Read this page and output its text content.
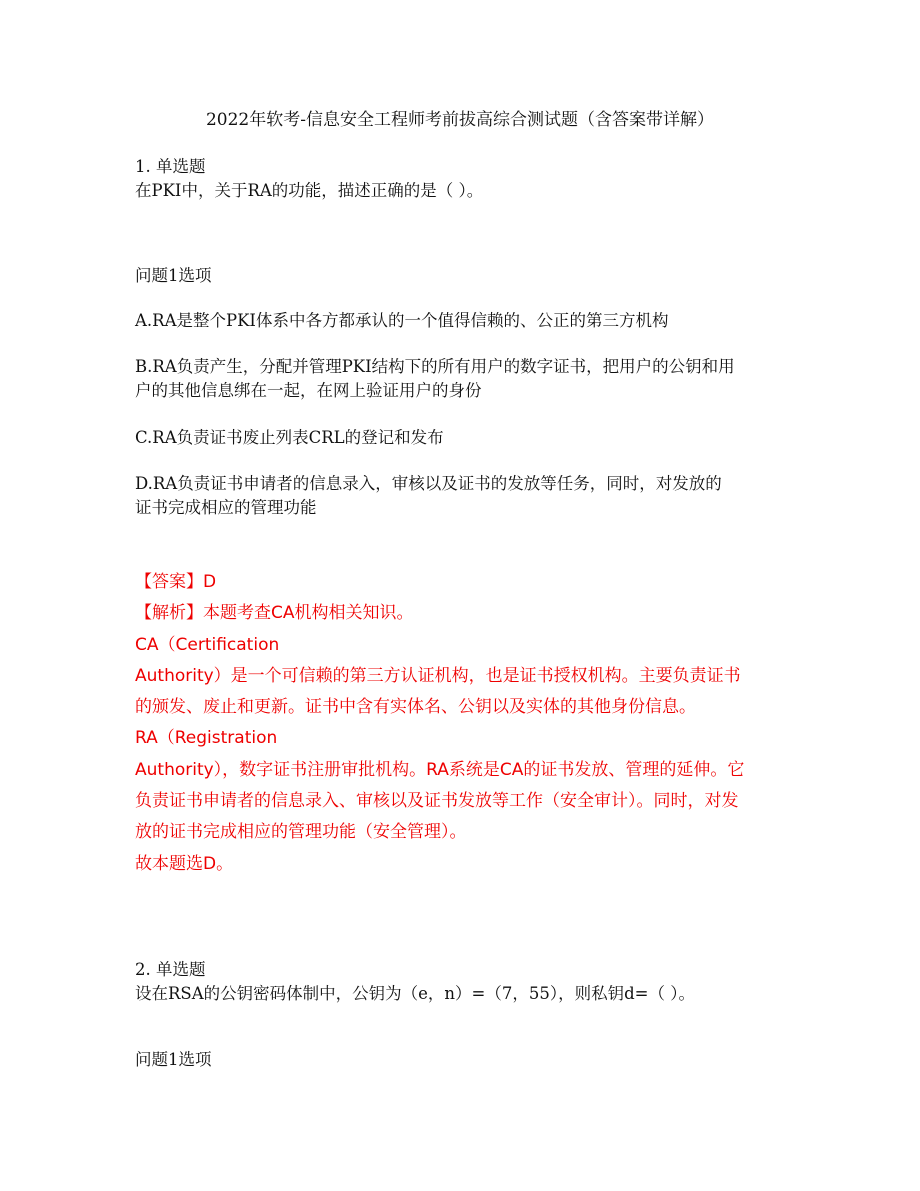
2022年软考-信息安全工程师考前拔高综合测试题（含答案带详解）
1. 单选题
在PKI中，关于RA的功能，描述正确的是（ ）。
问题1选项
A.RA是整个PKI体系中各方都承认的一个值得信赖的、公正的第三方机构
B.RA负责产生，分配并管理PKI结构下的所有用户的数字证书，把用户的公钥和用
户的其他信息绑在一起，在网上验证用户的身份
C.RA负责证书废止列表CRL的登记和发布
D.RA负责证书申请者的信息录入，审核以及证书的发放等任务，同时，对发放的
证书完成相应的管理功能
【答案】D
【解析】本题考查CA机构相关知识。
CA（Certification
Authority）是一个可信赖的第三方认证机构，也是证书授权机构。主要负责证书
的颁发、废止和更新。证书中含有实体名、公钥以及实体的其他身份信息。
RA（Registration
Authority），数字证书注册审批机构。RA系统是CA的证书发放、管理的延伸。它
负责证书申请者的信息录入、审核以及证书发放等工作（安全审计）。同时，对发
放的证书完成相应的管理功能（安全管理）。
故本题选D。
2. 单选题
设在RSA的公钥密码体制中，公钥为（e，n）=（7，55），则私钥d=（ ）。
问题1选项
